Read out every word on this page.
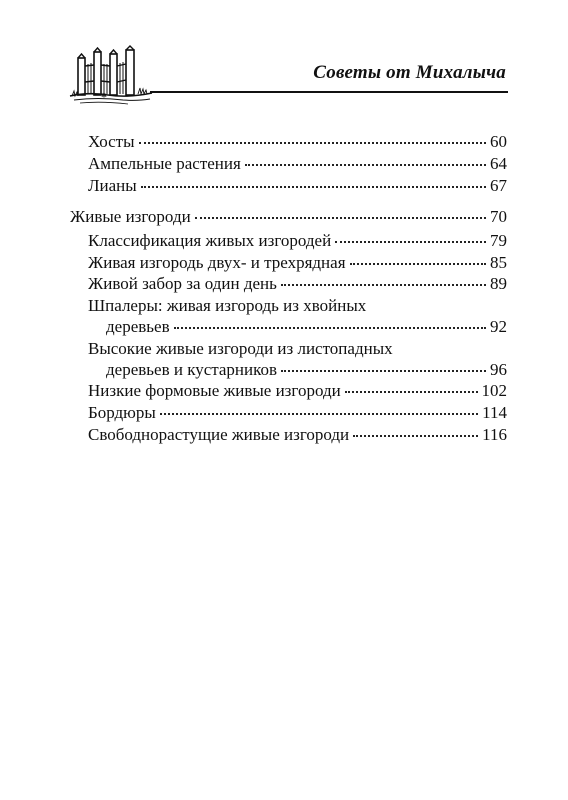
Советы от Михалыча
Хосты	60
Ампельные растения	64
Лианы	67
Живые изгороди	70
Классификация живых изгородей	79
Живая изгородь двух- и трехрядная	85
Живой забор за один день	89
Шпалеры: живая изгородь из хвойных
деревьев	92
Высокие живые изгороди из листопадных
деревьев и кустарников	96
Низкие формовые живые изгороди	102
Бордюры	114
Свободнорастущие живые изгороди	116
